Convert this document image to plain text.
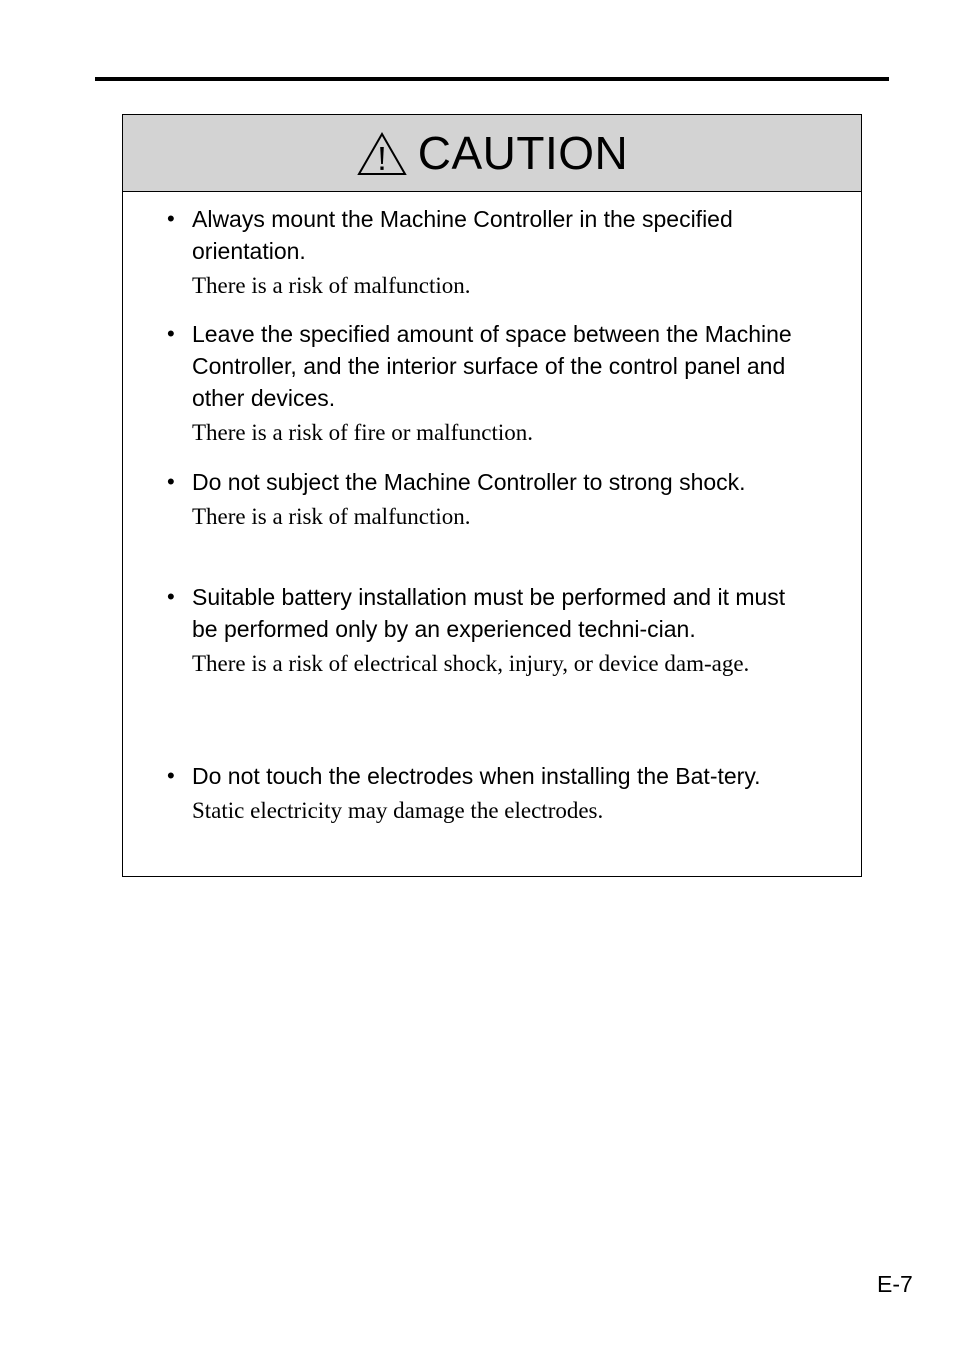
CAUTION
• Always mount the Machine Controller in the specified orientation.
There is a risk of malfunction.
• Leave the specified amount of space between the Machine Controller, and the interior surface of the control panel and other devices.
There is a risk of fire or malfunction.
• Do not subject the Machine Controller to strong shock.
There is a risk of malfunction.
• Suitable battery installation must be performed and it must be performed only by an experienced techni-cian.
There is a risk of electrical shock, injury, or device dam-age.
• Do not touch the electrodes when installing the Bat-tery.
Static electricity may damage the electrodes.
E-7
